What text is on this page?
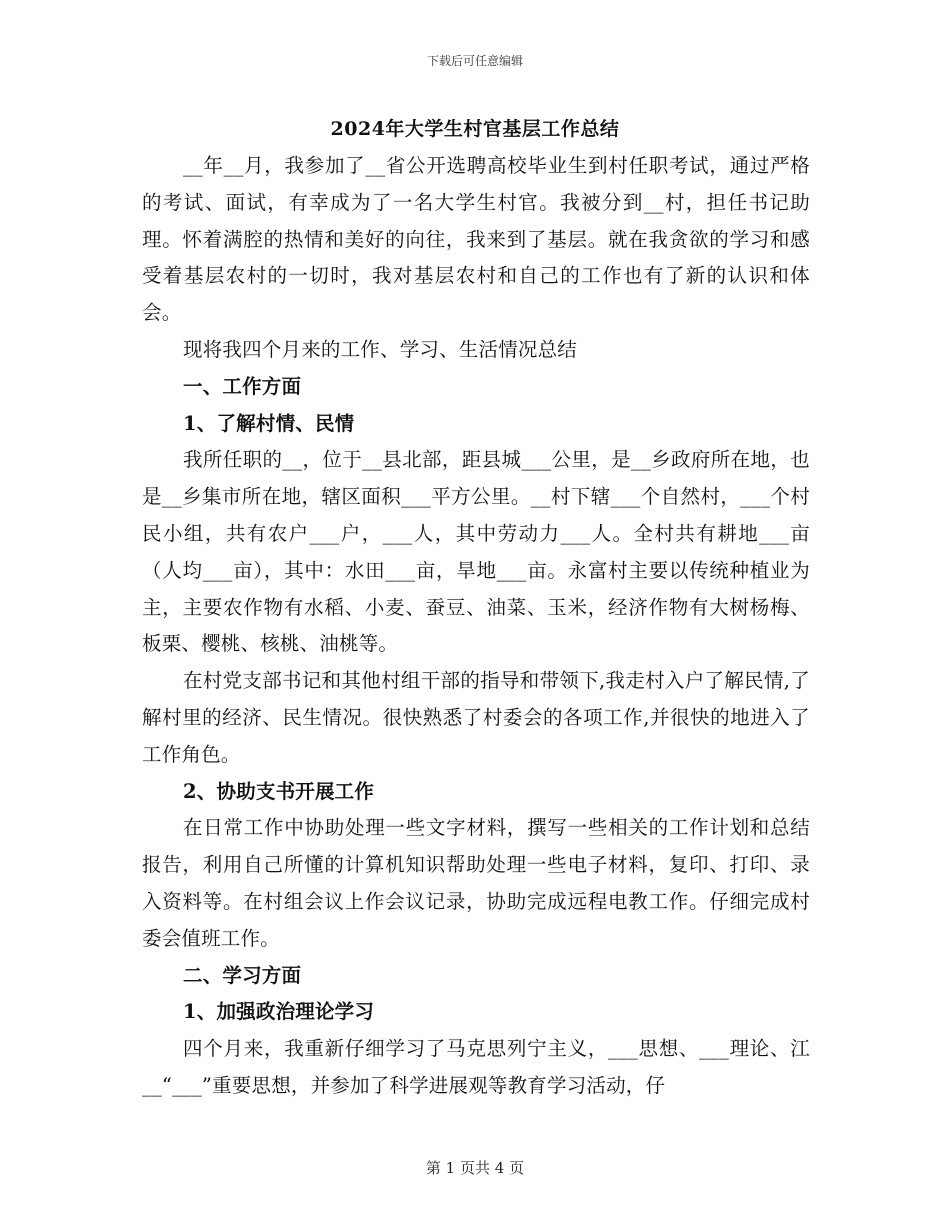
下载后可任意编辑
2024年大学生村官基层工作总结

__年__月，我参加了__省公开选聘高校毕业生到村任职考试，通过严格的考试、面试，有幸成为了一名大学生村官。我被分到__村，担任书记助理。怀着满腔的热情和美好的向往，我来到了基层。就在我贪欲的学习和感受着基层农村的一切时，我对基层农村和自己的工作也有了新的认识和体会。

现将我四个月来的工作、学习、生活情况总结

一、工作方面

1、了解村情、民情

我所任职的__，位于__县北部，距县城___公里，是__乡政府所在地，也是__乡集市所在地，辖区面积___平方公里。__村下辖___个自然村，___个村民小组，共有农户___户，___人，其中劳动力___人。全村共有耕地___亩（人均___亩），其中：水田___亩，旱地___亩。永富村主要以传统种植业为主，主要农作物有水稻、小麦、蚕豆、油菜、玉米，经济作物有大树杨梅、板栗、樱桃、核桃、油桃等。

在村党支部书记和其他村组干部的指导和带领下,我走村入户了解民情,了解村里的经济、民生情况。很快熟悉了村委会的各项工作,并很快的地进入了工作角色。

2、协助支书开展工作

在日常工作中协助处理一些文字材料，撰写一些相关的工作计划和总结报告，利用自己所懂的计算机知识帮助处理一些电子材料，复印、打印、录入资料等。在村组会议上作会议记录，协助完成远程电教工作。仔细完成村委会值班工作。

二、学习方面

1、加强政治理论学习

四个月来，我重新仔细学习了马克思列宁主义，___思想、___理论、江__“___”重要思想，并参加了科学进展观等教育学习活动，仔

第 1 页共 4 页
